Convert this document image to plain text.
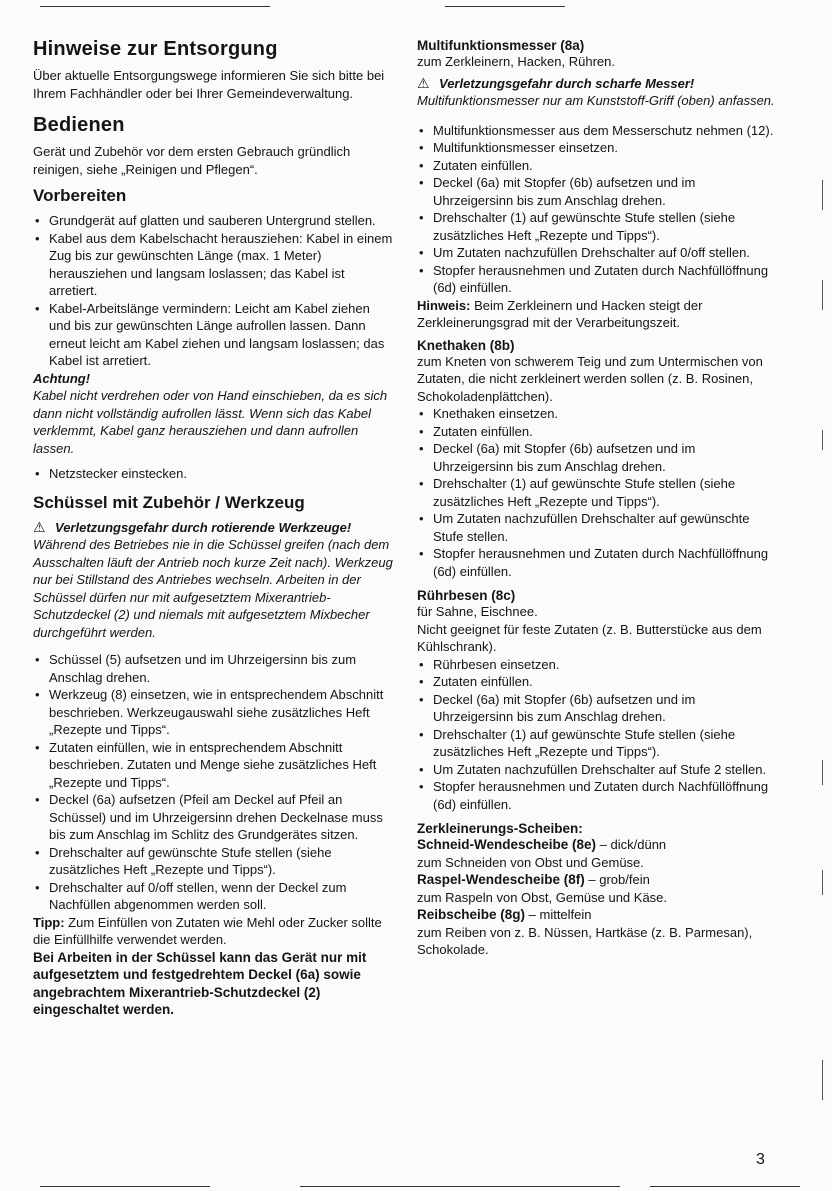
Hinweise zur Entsorgung

Über aktuelle Entsorgungswege informieren Sie sich bitte bei Ihrem Fachhändler oder bei Ihrer Gemeindeverwaltung.

Bedienen

Gerät und Zubehör vor dem ersten Gebrauch gründlich reinigen, siehe „Reinigen und Pflegen“.

Vorbereiten
• Grundgerät auf glatten und sauberen Untergrund stellen.
• Kabel aus dem Kabelschacht herausziehen: Kabel in einem Zug bis zur gewünschten Länge (max. 1 Meter) herausziehen und langsam loslassen; das Kabel ist arretiert.
• Kabel-Arbeitslänge vermindern: Leicht am Kabel ziehen und bis zur gewünschten Länge aufrollen lassen. Dann erneut leicht am Kabel ziehen und langsam loslassen; das Kabel ist arretiert.

Achtung!

Kabel nicht verdrehen oder von Hand einschieben, da es sich dann nicht vollständig aufrollen lässt. Wenn sich das Kabel verklemmt, Kabel ganz herausziehen und dann aufrollen lassen.

• Netzstecker einstecken.
Schüssel mit Zubehör / Werkzeug
⚠ Verletzungsgefahr durch rotierende Werkzeuge!

Während des Betriebes nie in die Schüssel greifen (nach dem Ausschalten läuft der Antrieb noch kurze Zeit nach). Werkzeug nur bei Stillstand des Antriebes wechseln. Arbeiten in der Schüssel dürfen nur mit aufgesetztem Mixerantrieb-Schutzdeckel (2) und niemals mit aufgesetztem Mixbecher durchgeführt werden.

• Schüssel (5) aufsetzen und im Uhrzeigersinn bis zum Anschlag drehen.
• Werkzeug (8) einsetzen, wie in entsprechendem Abschnitt beschrieben. Werkzeugauswahl siehe zusätzliches Heft „Rezepte und Tipps“.
• Zutaten einfüllen, wie in entsprechendem Abschnitt beschrieben. Zutaten und Menge siehe zusätzliches Heft „Rezepte und Tipps“.
• Deckel (6a) aufsetzen (Pfeil am Deckel auf Pfeil an Schüssel) und im Uhrzeigersinn drehen Deckelnase muss bis zum Anschlag im Schlitz des Grundgerätes sitzen.
• Drehschalter auf gewünschte Stufe stellen (siehe zusätzliches Heft „Rezepte und Tipps“).
• Drehschalter auf 0/off stellen, wenn der Deckel zum Nachfüllen abgenommen werden soll.

Tipp: Zum Einfüllen von Zutaten wie Mehl oder Zucker sollte die Einfüllhilfe verwendet werden.

Bei Arbeiten in der Schüssel kann das Gerät nur mit aufgesetztem und festgedrehtem Deckel (6a) sowie angebrachtem Mixerantrieb-Schutzdeckel (2) eingeschaltet werden.

Multifunktionsmesser (8a)

zum Zerkleinern, Hacken, Rühren.

⚠ Verletzungsgefahr durch scharfe Messer!

Multifunktionsmesser nur am Kunststoff-Griff (oben) anfassen.

• Multifunktionsmesser aus dem Messerschutz nehmen (12).
• Multifunktionsmesser einsetzen.
• Zutaten einfüllen.
• Deckel (6a) mit Stopfer (6b) aufsetzen und im Uhrzeigersinn bis zum Anschlag drehen.
• Drehschalter (1) auf gewünschte Stufe stellen (siehe zusätzliches Heft „Rezepte und Tipps“).
• Um Zutaten nachzufüllen Drehschalter auf 0/off stellen.
• Stopfer herausnehmen und Zutaten durch Nachfüllöffnung (6d) einfüllen.

Hinweis: Beim Zerkleinern und Hacken steigt der Zerkleinerungsgrad mit der Verarbeitungszeit.

Knethaken (8b)

zum Kneten von schwerem Teig und zum Untermischen von Zutaten, die nicht zerkleinert werden sollen (z. B. Rosinen, Schokoladenplättchen).

• Knethaken einsetzen.
• Zutaten einfüllen.
• Deckel (6a) mit Stopfer (6b) aufsetzen und im Uhrzeigersinn bis zum Anschlag drehen.
• Drehschalter (1) auf gewünschte Stufe stellen (siehe zusätzliches Heft „Rezepte und Tipps“).
• Um Zutaten nachzufüllen Drehschalter auf gewünschte Stufe stellen.
• Stopfer herausnehmen und Zutaten durch Nachfüllöffnung (6d) einfüllen.
Rührbesen (8c)

für Sahne, Eischnee.

Nicht geeignet für feste Zutaten (z. B. Butterstücke aus dem Kühlschrank).

• Rührbesen einsetzen.
• Zutaten einfüllen.
• Deckel (6a) mit Stopfer (6b) aufsetzen und im Uhrzeigersinn bis zum Anschlag drehen.
• Drehschalter (1) auf gewünschte Stufe stellen (siehe zusätzliches Heft „Rezepte und Tipps“).
• Um Zutaten nachzufüllen Drehschalter auf Stufe 2 stellen.
• Stopfer herausnehmen und Zutaten durch Nachfüllöffnung (6d) einfüllen.
Zerkleinerungs-Scheiben:

Schneid-Wendescheibe (8e) – dick/dünn

zum Schneiden von Obst und Gemüse.

Raspel-Wendescheibe (8f) – grob/fein

zum Raspeln von Obst, Gemüse und Käse.

Reibscheibe (8g) – mittelfein

zum Reiben von z. B. Nüssen, Hartkäse (z. B. Parmesan), Schokolade.

3
